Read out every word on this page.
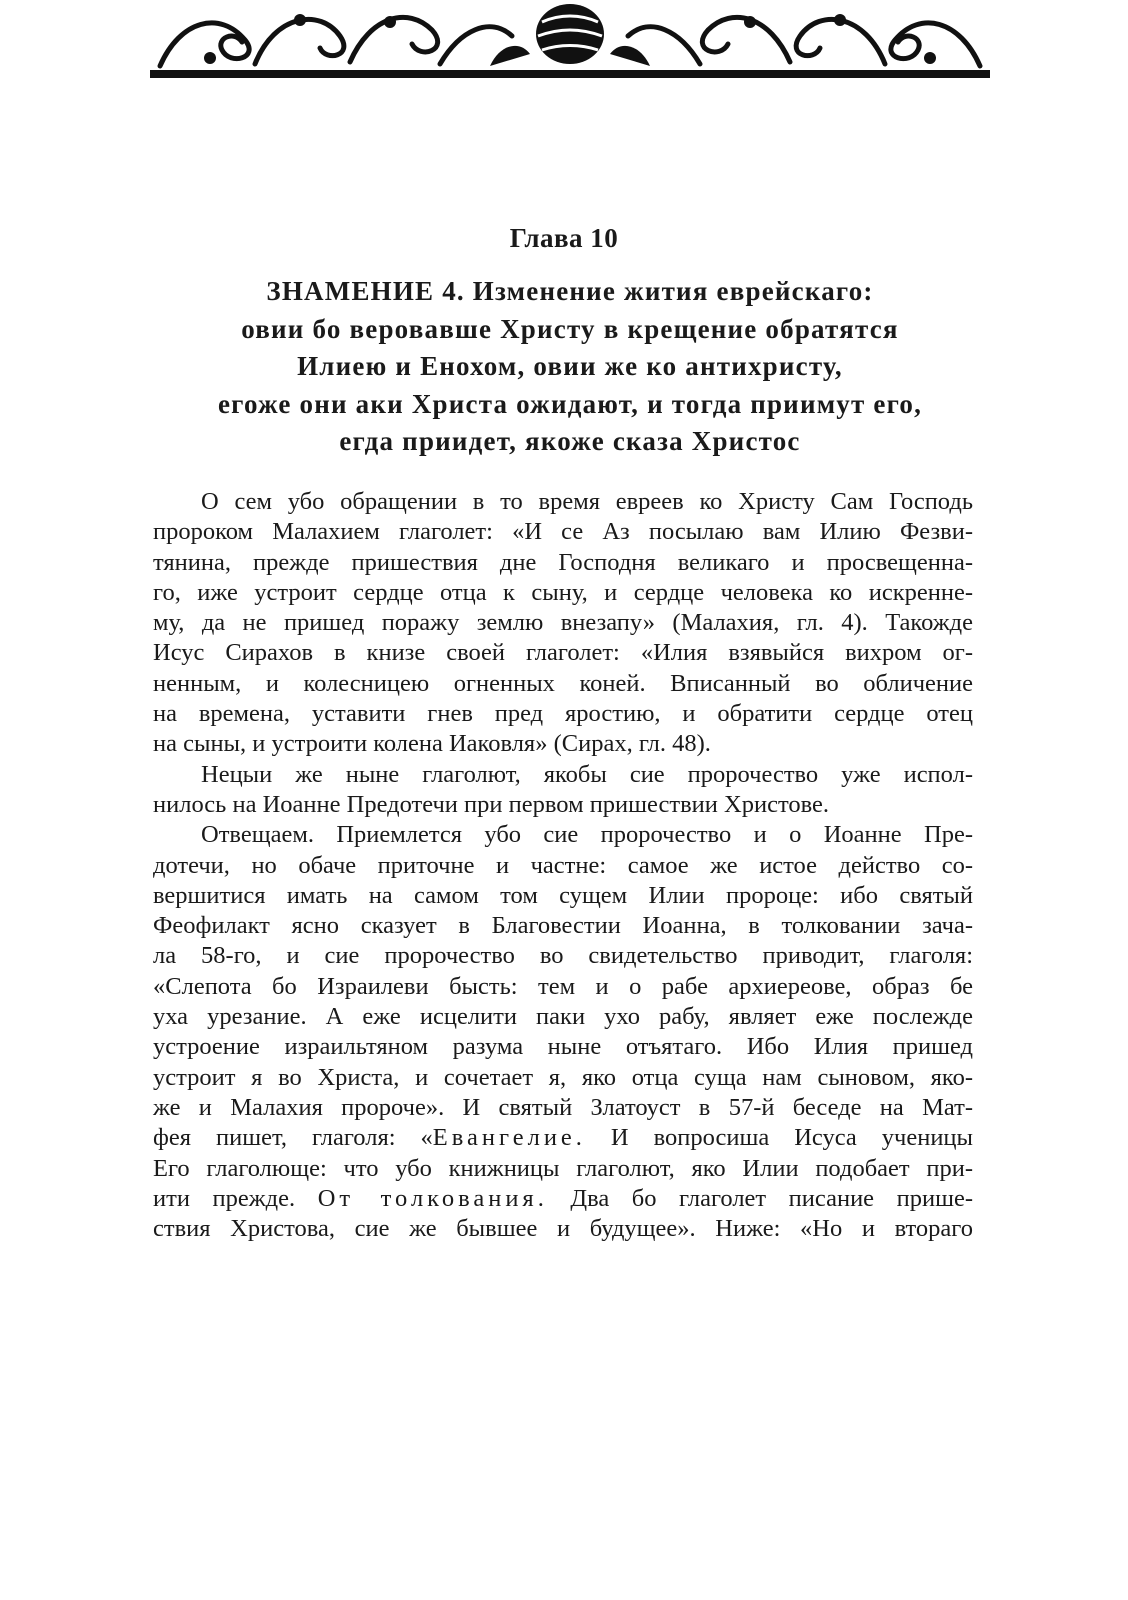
Глава 10
ЗНАМЕНИЕ 4. Изменение жития еврейскаго:
овии бо веровавше Христу в крещение обратятся
Илиею и Енохом, овии же ко антихристу,
егоже они аки Христа ожидают, и тогда приимут его,
егда приидет, якоже сказа Христос
О сем убо обращении в то время евреев ко Христу Сам Господь
пророком Малахием глаголет: «И се Аз посылаю вам Илию Фезви-
тянина, прежде пришествия дне Господня великаго и просвещенна-
го, иже устроит сердце отца к сыну, и сердце человека ко искренне-
му, да не пришед поражу землю внезапу» (Малахия, гл. 4). Такожде
Исус Сирахов в книзе своей глаголет: «Илия взявыйся вихром ог-
ненным, и колесницею огненных коней. Вписанный во обличение
на времена, уставити гнев пред яростию, и обратити сердце отец
на сыны, и устроити колена Иаковля» (Сирах, гл. 48).
Нецыи же ныне глаголют, якобы сие пророчество уже испол-
нилось на Иоанне Предотечи при первом пришествии Христове.
Отвещаем. Приемлется убо сие пророчество и о Иоанне Пре-
дотечи, но обаче приточне и частне: самое же истое действо со-
вершитися имать на самом том сущем Илии пророце: ибо святый
Феофилакт ясно сказует в Благовестии Иоанна, в толковании зача-
ла 58-го, и сие пророчество во свидетельство приводит, глаголя:
«Слепота бо Израилеви бысть: тем и о рабе архиереове, образ бе
уха урезание. А еже исцелити паки ухо рабу, являет еже послежде
устроение израильтяном разума ныне отъятаго. Ибо Илия пришед
устроит я во Христа, и сочетает я, яко отца суща нам сыновом, яко-
же и Малахия пророче». И святый Златоуст в 57-й беседе на Мат-
фея пишет, глаголя: «Евангелие. И вопросиша Исуса ученицы
Его глаголюще: что убо книжницы глаголют, яко Илии подобает при-
ити прежде. От толкования. Два бо глаголет писание прише-
ствия Христова, сие же бывшее и будущее». Ниже: «Но и втораго
